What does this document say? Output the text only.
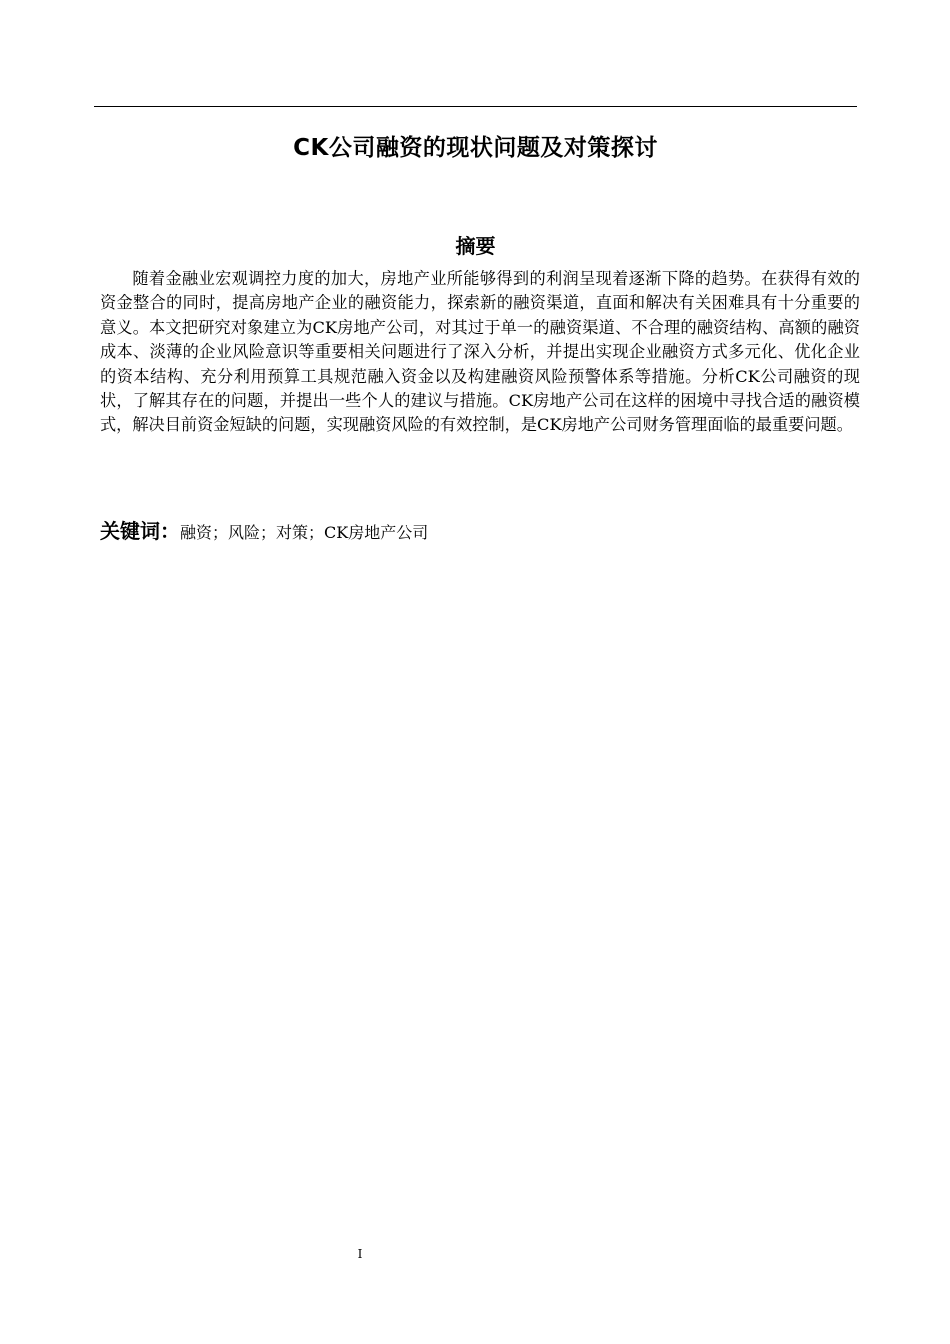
CK公司融资的现状问题及对策探讨
摘要

随着金融业宏观调控力度的加大，房地产业所能够得到的利润呈现着逐渐下降的趋势。在获得有效的资金整合的同时，提高房地产企业的融资能力，探索新的融资渠道，直面和解决有关困难具有十分重要的意义。本文把研究对象建立为CK房地产公司，对其过于单一的融资渠道、不合理的融资结构、高额的融资成本、淡薄的企业风险意识等重要相关问题进行了深入分析，并提出实现企业融资方式多元化、优化企业的资本结构、充分利用预算工具规范融入资金以及构建融资风险预警体系等措施。分析CK公司融资的现状，了解其存在的问题，并提出一些个人的建议与措施。CK房地产公司在这样的困境中寻找合适的融资模式，解决目前资金短缺的问题，实现融资风险的有效控制，是CK房地产公司财务管理面临的最重要问题。

关键词：融资；风险；对策；CK房地产公司

I
